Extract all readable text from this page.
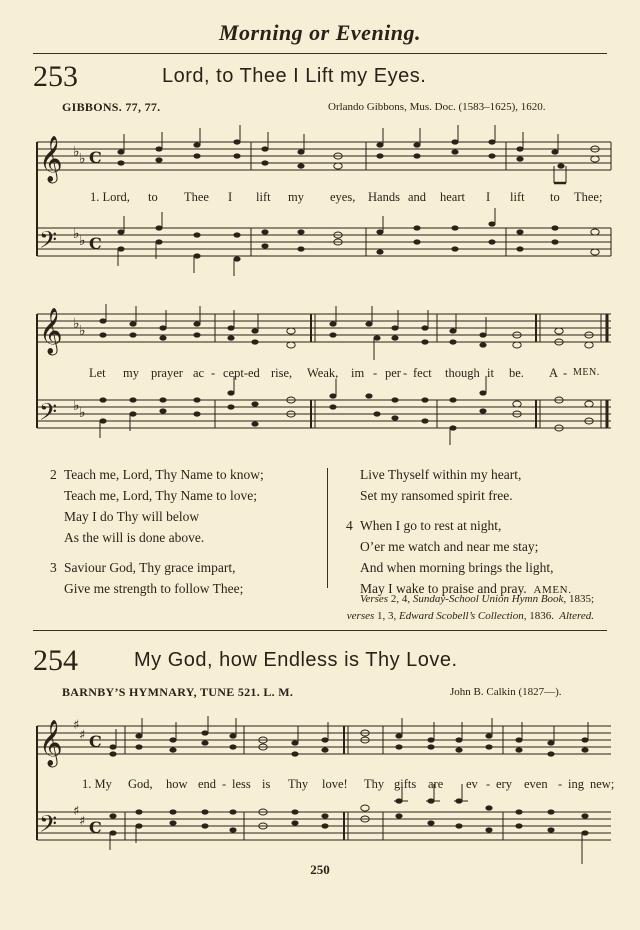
Morning or Evening.
253	Lord, to Thee I Lift my Eyes.
GIBBONS. 77, 77.	Orlando Gibbons, Mus. Doc. (1583–1625), 1620.
𝄞
𝄢
♭ ♭
♭ ♭
C
C
1. Lord, to Thee I lift my eyes, Hands and heart I lift to Thee;
𝄞
𝄢
♭ ♭
♭ ♭
Let my prayer ac - cept-ed rise, Weak, im - per - fect though it be. A - MEN.
2 Teach me, Lord, Thy Name to know;
Teach me, Lord, Thy Name to love;
May I do Thy will below
As the will is done above.
3 Saviour God, Thy grace impart,
Give me strength to follow Thee;
Live Thyself within my heart,
Set my ransomed spirit free.
4 When I go to rest at night,
O’er me watch and near me stay;
And when morning brings the light,
May I wake to praise and pray. AMEN.
Verses 2, 4, Sunday-School Union Hymn Book, 1835;
verses 1, 3, Edward Scobell’s Collection, 1836. Altered.
254	My God, how Endless is Thy Love.
BARNBY’S HYMNARY, TUNE 521. L. M.	John B. Calkin (1827—).
𝄞
𝄢
♯
♯
♯
♯
C
C
1. My God, how end - less is Thy love! Thy gifts are ev - ery even - ing new;
250
